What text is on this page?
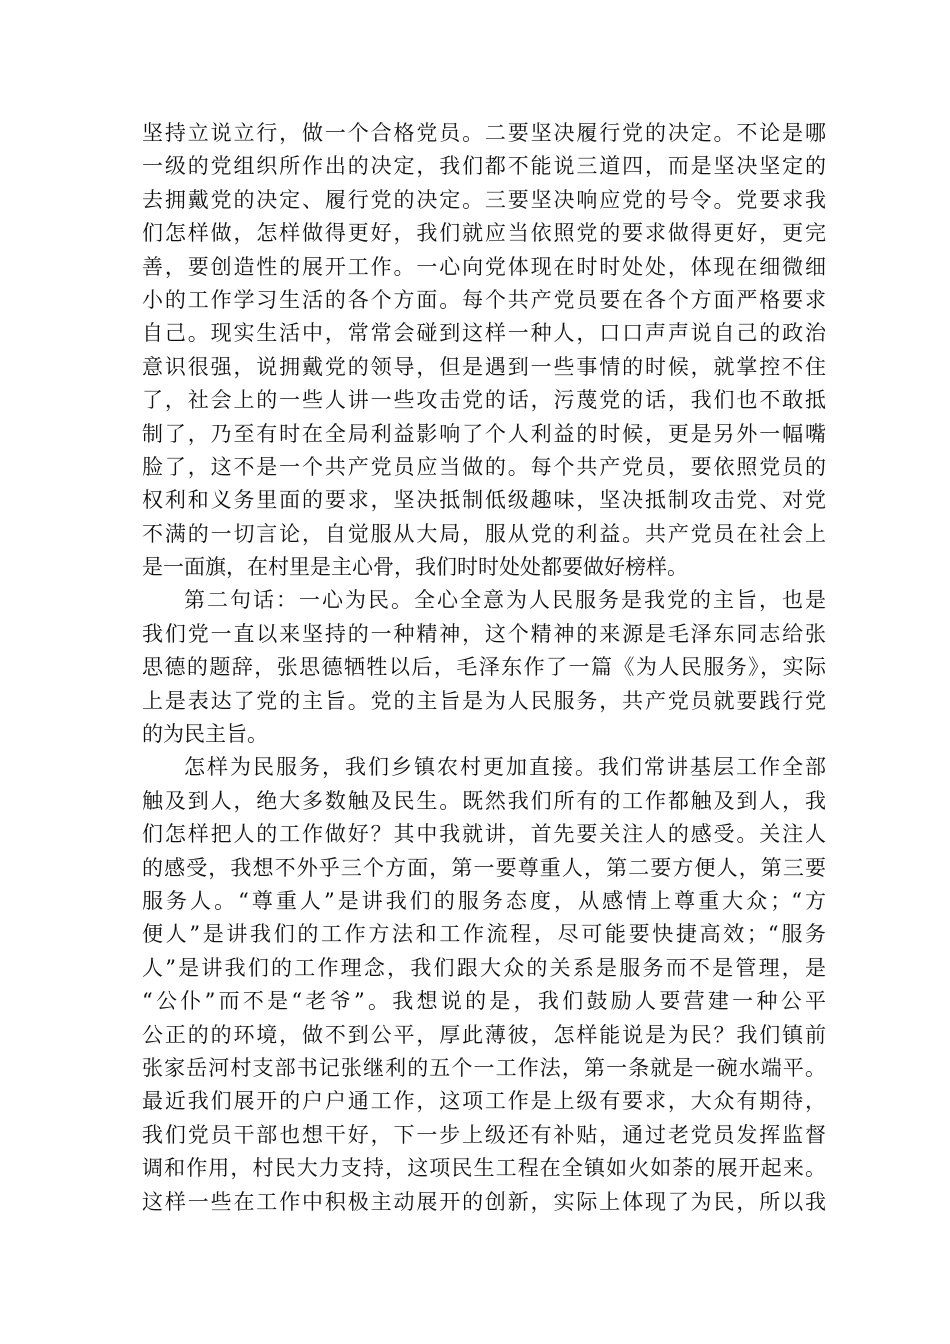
坚持立说立行，做一个合格党员。二要坚决履行党的决定。不论是哪
一级的党组织所作出的决定，我们都不能说三道四，而是坚决坚定的
去拥戴党的决定、履行党的决定。三要坚决响应党的号令。党要求我
们怎样做，怎样做得更好，我们就应当依照党的要求做得更好，更完
善，要创造性的展开工作。一心向党体现在时时处处，体现在细微细
小的工作学习生活的各个方面。每个共产党员要在各个方面严格要求
自己。现实生活中，常常会碰到这样一种人，口口声声说自己的政治
意识很强，说拥戴党的领导，但是遇到一些事情的时候，就掌控不住
了，社会上的一些人讲一些攻击党的话，污蔑党的话，我们也不敢抵
制了，乃至有时在全局利益影响了个人利益的时候，更是另外一幅嘴
脸了，这不是一个共产党员应当做的。每个共产党员，要依照党员的
权利和义务里面的要求，坚决抵制低级趣味，坚决抵制攻击党、对党
不满的一切言论，自觉服从大局，服从党的利益。共产党员在社会上
是一面旗，在村里是主心骨，我们时时处处都要做好榜样。
第二句话：一心为民。全心全意为人民服务是我党的主旨，也是
我们党一直以来坚持的一种精神，这个精神的来源是毛泽东同志给张
思德的题辞，张思德牺牲以后，毛泽东作了一篇《为人民服务》，实际
上是表达了党的主旨。党的主旨是为人民服务，共产党员就要践行党
的为民主旨。
怎样为民服务，我们乡镇农村更加直接。我们常讲基层工作全部
触及到人，绝大多数触及民生。既然我们所有的工作都触及到人，我
们怎样把人的工作做好？其中我就讲，首先要关注人的感受。关注人
的感受，我想不外乎三个方面，第一要尊重人，第二要方便人，第三要
服务人。“尊重人”是讲我们的服务态度，从感情上尊重大众；“方
便人”是讲我们的工作方法和工作流程，尽可能要快捷高效；“服务
人”是讲我们的工作理念，我们跟大众的关系是服务而不是管理，是
“公仆”而不是“老爷”。我想说的是，我们鼓励人要营建一种公平
公正的的环境，做不到公平，厚此薄彼，怎样能说是为民？我们镇前
张家岳河村支部书记张继利的五个一工作法，第一条就是一碗水端平。
最近我们展开的户户通工作，这项工作是上级有要求，大众有期待，
我们党员干部也想干好，下一步上级还有补贴，通过老党员发挥监督
调和作用，村民大力支持，这项民生工程在全镇如火如荼的展开起来。
这样一些在工作中积极主动展开的创新，实际上体现了为民，所以我
